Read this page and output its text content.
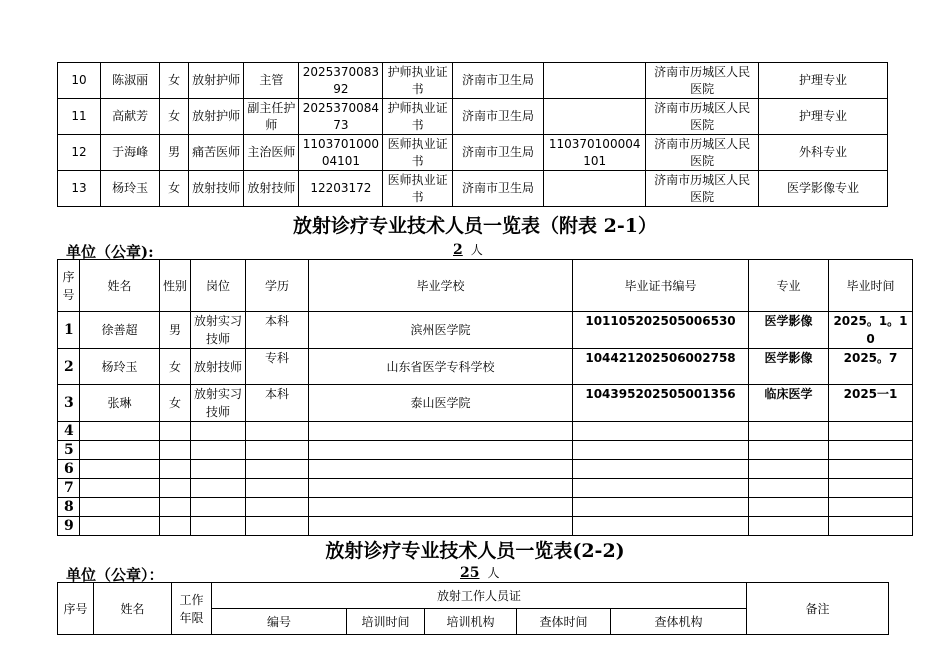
10	陈淑丽	女	放射护师	主管	202537008392	护师执业证书	济南市卫生局		济南市历城区人民医院	护理专业
11	高献芳	女	放射护师	副主任护师	202537008473	护师执业证书	济南市卫生局		济南市历城区人民医院	护理专业
12	于海峰	男	痛苦医师	主治医师	110370100004101	医师执业证书	济南市卫生局	110370100004101	济南市历城区人民医院	外科专业
13	杨玲玉	女	放射技师	放射技师	12203172	医师执业证书	济南市卫生局		济南市历城区人民医院	医学影像专业
放射诊疗专业技术人员一览表（附表 2-1）
单位（公章):	2 人
序号	姓名	性别	岗位	学历	毕业学校	毕业证书编号	专业	毕业时间
1	徐善超	男	放射实习技师	本科	滨州医学院	101105202505006530	医学影像	2025。1。10
2	杨玲玉	女	放射技师	专科	山东省医学专科学校	104421202506002758	医学影像	2025。7
3	张琳	女	放射实习技师	本科	泰山医学院	104395202505001356	临床医学	2025一1
4								
5								
6								
7								
8								
9								
放射诊疗专业技术人员一览表(2-2)
单位（公章）：	25 人
序号	姓名	工作年限	放射工作人员证					备注
			编号	培训时间	培训机构	查体时间	查体机构	
